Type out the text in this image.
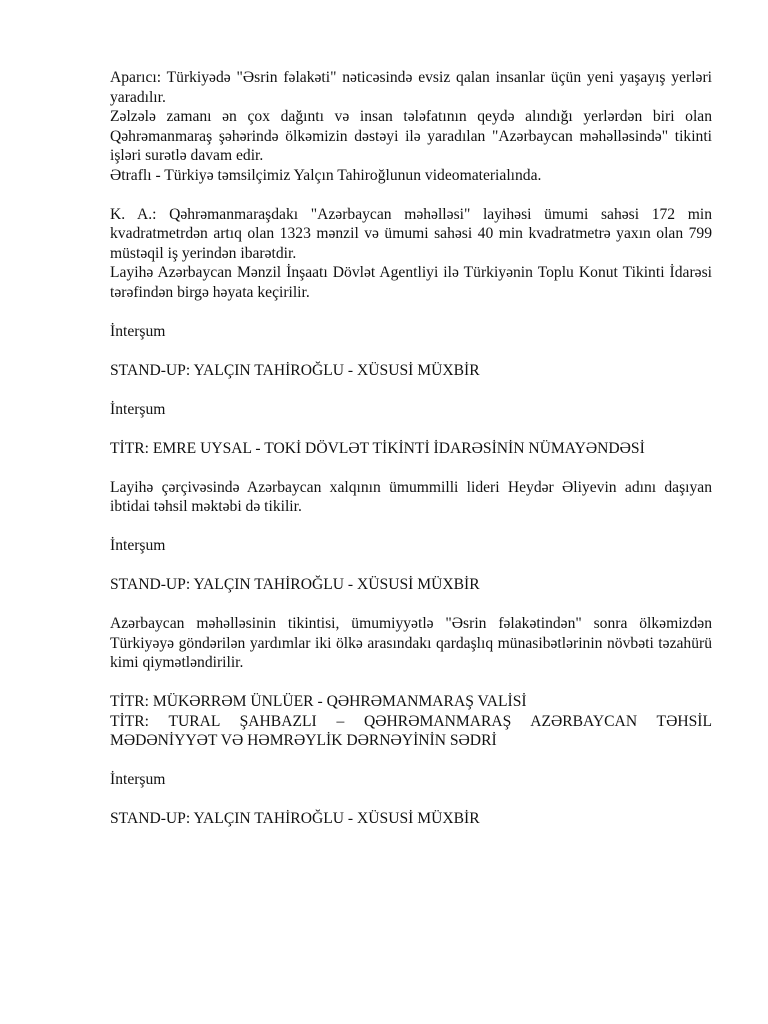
Aparıcı: Türkiyədə "Əsrin fəlakəti" nəticəsində evsiz qalan insanlar üçün yeni yaşayış yerləri yaradılır.

Zəlzələ zamanı ən çox dağıntı və insan tələfatının qeydə alındığı yerlərdən biri olan Qəhrəmanmaraş şəhərində ölkəmizin dəstəyi ilə yaradılan "Azərbaycan məhəlləsində" tikinti işləri surətlə davam edir.

Ətraflı - Türkiyə təmsilçimiz Yalçın Tahiroğlunun videomaterialında.

K. A.: Qəhrəmanmaraşdakı "Azərbaycan məhəlləsi" layihəsi ümumi sahəsi 172 min kvadratmetrdən artıq olan 1323 mənzil və ümumi sahəsi 40 min kvadratmetrə yaxın olan 799 müstəqil iş yerindən ibarətdir.

Layihə Azərbaycan Mənzil İnşaatı Dövlət Agentliyi ilə Türkiyənin Toplu Konut Tikinti İdarəsi tərəfindən birgə həyata keçirilir.

İnterşum

STAND-UP: YALÇIN TAHİROĞLU - XÜSUSİ MÜXBİR

İnterşum

TİTR: EMRE UYSAL - TOKİ DÖVLƏT TİKİNTİ İDARƏSİNİN NÜMAYƏNDƏSİ

Layihə çərçivəsində Azərbaycan xalqının ümummilli lideri Heydər Əliyevin adını daşıyan ibtidai təhsil məktəbi də tikilir.

İnterşum

STAND-UP: YALÇIN TAHİROĞLU - XÜSUSİ MÜXBİR

Azərbaycan məhəlləsinin tikintisi, ümumiyyətlə "Əsrin fəlakətindən" sonra ölkəmizdən Türkiyəyə göndərilən yardımlar iki ölkə arasındakı qardaşlıq münasibətlərinin növbəti təzahürü kimi qiymətləndirilir.

TİTR: MÜKƏRRƏM ÜNLÜER - QƏHRƏMANMARAŞ VALİSİ

TİTR: TURAL ŞAHBAZLI – QƏHRƏMANMARAŞ AZƏRBAYCAN TƏHSİL MƏDƏNİYYƏT VƏ HƏMRƏYLİK DƏRNƏYİNİN SƏDRİ

İnterşum

STAND-UP: YALÇIN TAHİROĞLU - XÜSUSİ MÜXBİR
